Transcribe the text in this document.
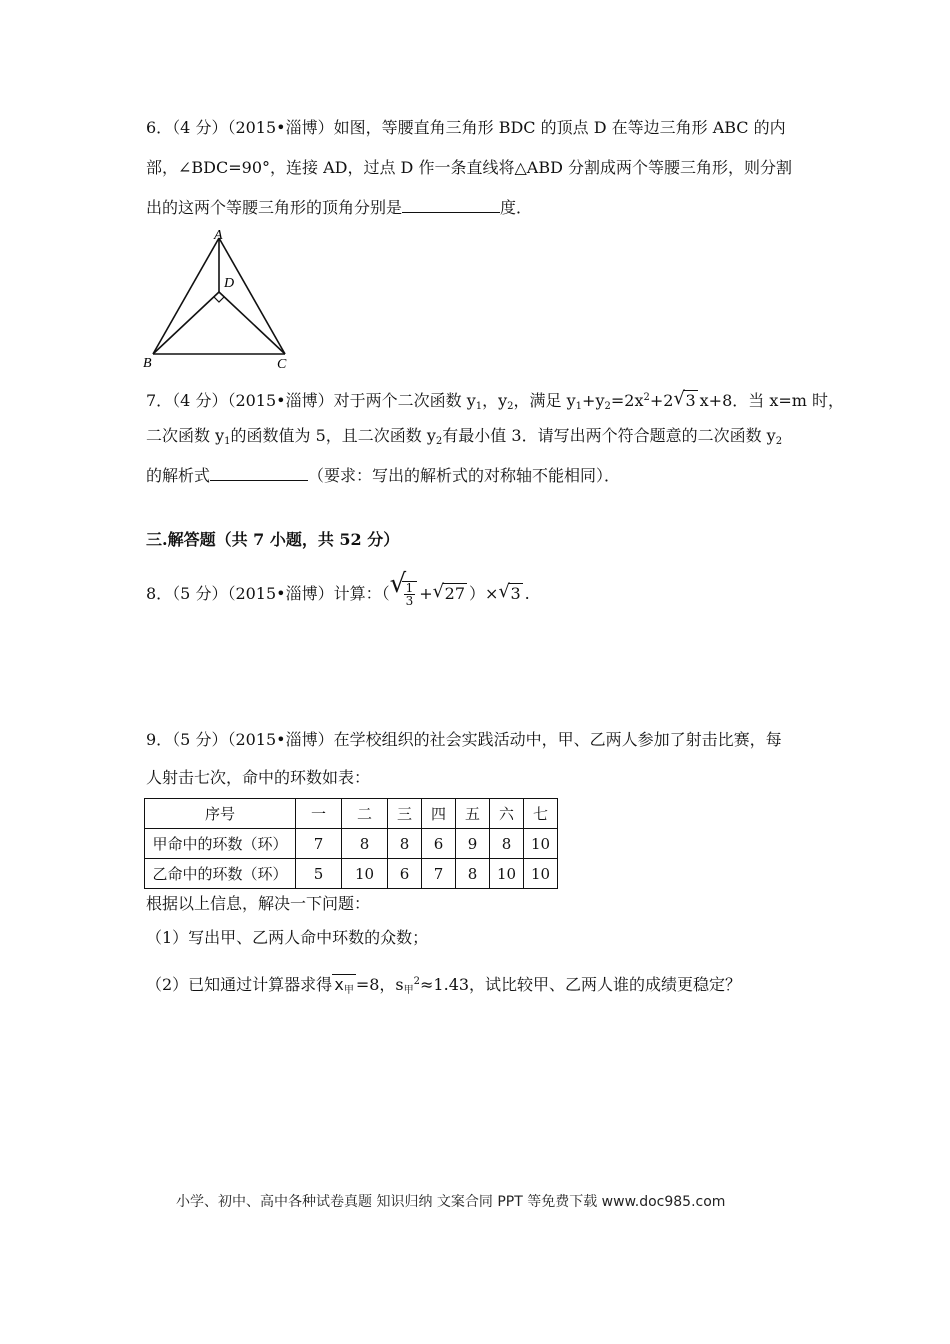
6．（4 分）（2015•淄博）如图，等腰直角三角形 BDC 的顶点 D 在等边三角形 ABC 的内
部，∠BDC=90°，连接 AD，过点 D 作一条直线将△ABD 分割成两个等腰三角形，则分割
出的这两个等腰三角形的顶角分别是	度．
A
D
B	C
7．（4 分）（2015•淄博）对于两个二次函数 $y_1$，$y_2$，满足 $y_1+y_2=2x^2+2$ √ 3 x+8．当 x=m 时，
二次函数 $y_1$的函数值为 5，且二次函数 $y_2$有最小值 3．请写出两个符合题意的二次函数 $y_2$
的解析式	（要求：写出的解析式的对称轴不能相同）．
三.解答题（共 7 小题，共 52 分）
8．（5 分）（2015•淄博）计算：（ √
$\frac{1}{3}$ + √ 27 ）× √ 3 .
9．（5 分）（2015•淄博）在学校组织的社会实践活动中，甲、乙两人参加了射击比赛，每
人射击七次，命中的环数如表：
序号	一	二	三	四	五	六	七
甲命中的环数（环）	7	8	8	6	9	8	10
乙命中的环数（环）	5	10	6	7	8	10	10
根据以上信息，解决一下问题：
（1）写出甲、乙两人命中环数的众数；
（2）已知通过计算器求得 $x_甲 =8$，$s_甲^2\approx 1.43$，试比较甲、乙两人谁的成绩更稳定？
小学、初中、高中各种试卷真题 知识归纳 文案合同 PPT 等免费下载 www.doc985.com
